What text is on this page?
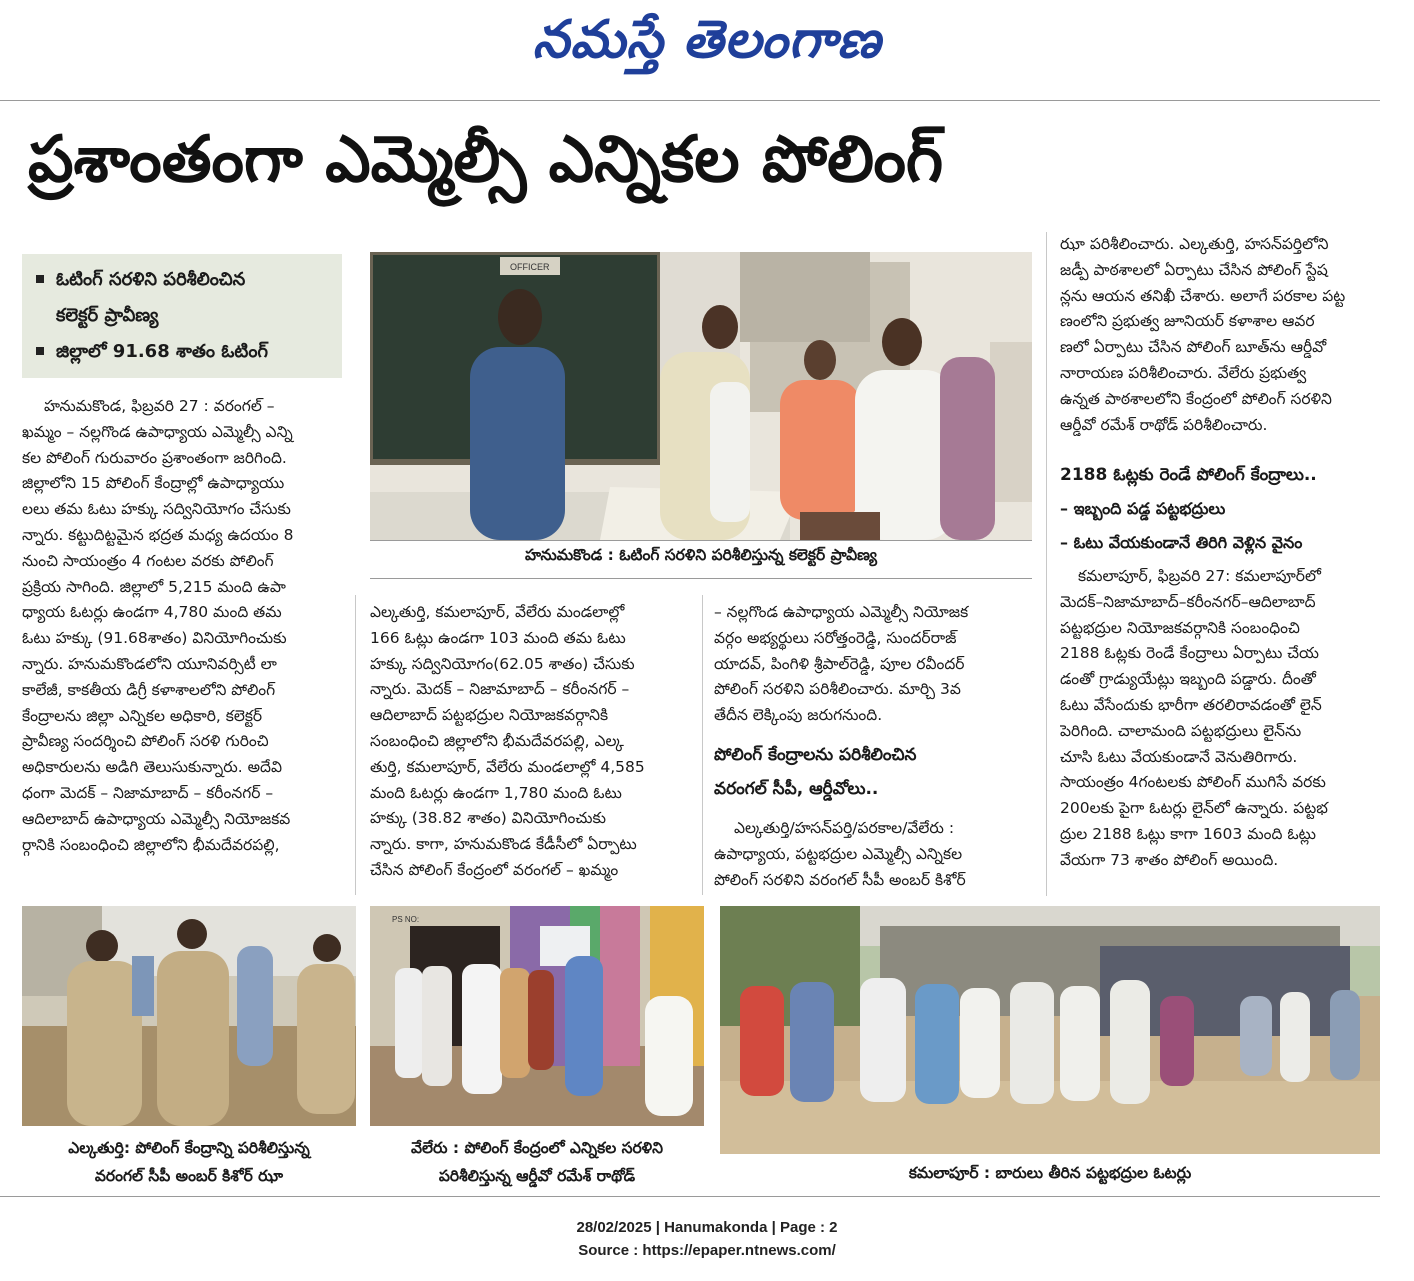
నమస్తే తెలంగాణ
ప్రశాంతంగా ఎమ్మెల్సీ ఎన్నికల పోలింగ్
ఓటింగ్ సరళిని పరిశీలించిన
కలెక్టర్ ప్రావీణ్య
జిల్లాలో 91.68 శాతం ఓటింగ్
OFFICER
హనుమకొండ : ఓటింగ్ సరళిని పరిశీలిస్తున్న కలెక్టర్ ప్రావీణ్య

హనుమకొండ, ఫిబ్రవరి 27 : వరంగల్ –

ఖమ్మం – నల్లగొండ ఉపాధ్యాయ ఎమ్మెల్సీ ఎన్ని

కల పోలింగ్ గురువారం ప్రశాంతంగా జరిగింది.

జిల్లాలోని 15 పోలింగ్ కేంద్రాల్లో ఉపాధ్యాయు

లలు తమ ఓటు హక్కు సద్వినియోగం చేసుకు

న్నారు. కట్టుదిట్టమైన భద్రత మధ్య ఉదయం 8

నుంచి సాయంత్రం 4 గంటల వరకు పోలింగ్

ప్రక్రియ సాగింది. జిల్లాలో 5,215 మంది ఉపా

ధ్యాయ ఓటర్లు ఉండగా 4,780 మంది తమ

ఓటు హక్కు (91.68శాతం) వినియోగించుకు

న్నారు. హనుమకొండలోని యూనివర్సిటీ లా

కాలేజీ, కాకతీయ డిగ్రీ కళాశాలలోని పోలింగ్

కేంద్రాలను జిల్లా ఎన్నికల అధికారి, కలెక్టర్

ప్రావీణ్య సందర్శించి పోలింగ్ సరళి గురించి

అధికారులను అడిగి తెలుసుకున్నారు. అదేవి

ధంగా మెదక్ – నిజామాబాద్ – కరీంనగర్ –

ఆదిలాబాద్ ఉపాధ్యాయ ఎమ్మెల్సీ నియోజకవ

ర్గానికి సంబంధించి జిల్లాలోని భీమదేవరపల్లి,

ఎల్కతుర్తి, కమలాపూర్, వేలేరు మండలాల్లో

166 ఓట్లు ఉండగా 103 మంది తమ ఓటు

హక్కు సద్వినియోగం(62.05 శాతం) చేసుకు

న్నారు. మెదక్ – నిజామాబాద్ – కరీంనగర్ –

ఆదిలాబాద్ పట్టభద్రుల నియోజకవర్గానికి

సంబంధించి జిల్లాలోని భీమదేవరపల్లి, ఎల్క

తుర్తి, కమలాపూర్, వేలేరు మండలాల్లో 4,585

మంది ఓటర్లు ఉండగా 1,780 మంది ఓటు

హక్కు (38.82 శాతం) వినియోగించుకు

న్నారు. కాగా, హనుమకొండ కేడీసీలో ఏర్పాటు

చేసిన పోలింగ్ కేంద్రంలో వరంగల్ – ఖమ్మం

– నల్లగొండ ఉపాధ్యాయ ఎమ్మెల్సీ నియోజక

వర్గం అభ్యర్థులు సరోత్తంరెడ్డి, సుందర్‌రాజ్

యాదవ్, పింగిళి శ్రీపాల్‌రెడ్డి, పూల రవీందర్

పోలింగ్ సరళిని పరిశీలించారు. మార్చి 3వ

తేదీన లెక్కింపు జరుగనుంది.

పోలింగ్ కేంద్రాలను పరిశీలించిన
వరంగల్ సీపీ, ఆర్డీవోలు..

ఎల్కతుర్తి/హసన్‌పర్తి/పరకాల/వేలేరు :

ఉపాధ్యాయ, పట్టభద్రుల ఎమ్మెల్సీ ఎన్నికల

పోలింగ్ సరళిని వరంగల్ సీపీ అంబర్ కిశోర్

ఝా పరిశీలించారు. ఎల్కతుర్తి, హసన్‌పర్తిలోని

జడ్పీ పాఠశాలలో ఏర్పాటు చేసిన పోలింగ్ స్టేష

న్లను ఆయన తనిఖీ చేశారు. అలాగే పరకాల పట్ట

ణంలోని ప్రభుత్వ జూనియర్ కళాశాల ఆవర

ణలో ఏర్పాటు చేసిన పోలింగ్ బూత్‌ను ఆర్డీవో

నారాయణ పరిశీలించారు. వేలేరు ప్రభుత్వ

ఉన్నత పాఠశాలలోని కేంద్రంలో పోలింగ్ సరళిని

ఆర్డీవో రమేశ్ రాథోడ్ పరిశీలించారు.

2188 ఓట్లకు రెండే పోలింగ్ కేంద్రాలు..
– ఇబ్బంది పడ్డ పట్టభద్రులు
– ఓటు వేయకుండానే తిరిగి వెళ్లిన వైనం

కమలాపూర్, ఫిబ్రవరి 27: కమలాపూర్‌లో

మెదక్–నిజామాబాద్–కరీంనగర్–ఆదిలాబాద్

పట్టభద్రుల నియోజకవర్గానికి సంబంధించి

2188 ఓట్లకు రెండే కేంద్రాలు ఏర్పాటు చేయ

డంతో గ్రాడ్యుయేట్లు ఇబ్బంది పడ్డారు. దీంతో

ఓటు వేసేందుకు భారీగా తరలిరావడంతో లైన్

పెరిగింది. చాలామంది పట్టభద్రులు లైన్‌ను

చూసి ఓటు వేయకుండానే వెనుతిరిగారు.

సాయంత్రం 4గంటలకు పోలింగ్ ముగిసే వరకు

200లకు పైగా ఓటర్లు లైన్‌లో ఉన్నారు. పట్టభ

ద్రుల 2188 ఓట్లు కాగా 1603 మంది ఓట్లు

వేయగా 73 శాతం పోలింగ్ అయింది.

PS NO:
ఎల్కతుర్తి: పోలింగ్ కేంద్రాన్ని పరిశీలిస్తున్న
వరంగల్ సీపీ అంబర్ కిశోర్ ఝా
వేలేరు : పోలింగ్ కేంద్రంలో ఎన్నికల సరళిని
పరిశీలిస్తున్న ఆర్డీవో రమేశ్ రాథోడ్	కమలాపూర్ : బారులు తీరిన పట్టభద్రుల ఓటర్లు
28/02/2025 | Hanumakonda | Page : 2
Source : https://epaper.ntnews.com/
